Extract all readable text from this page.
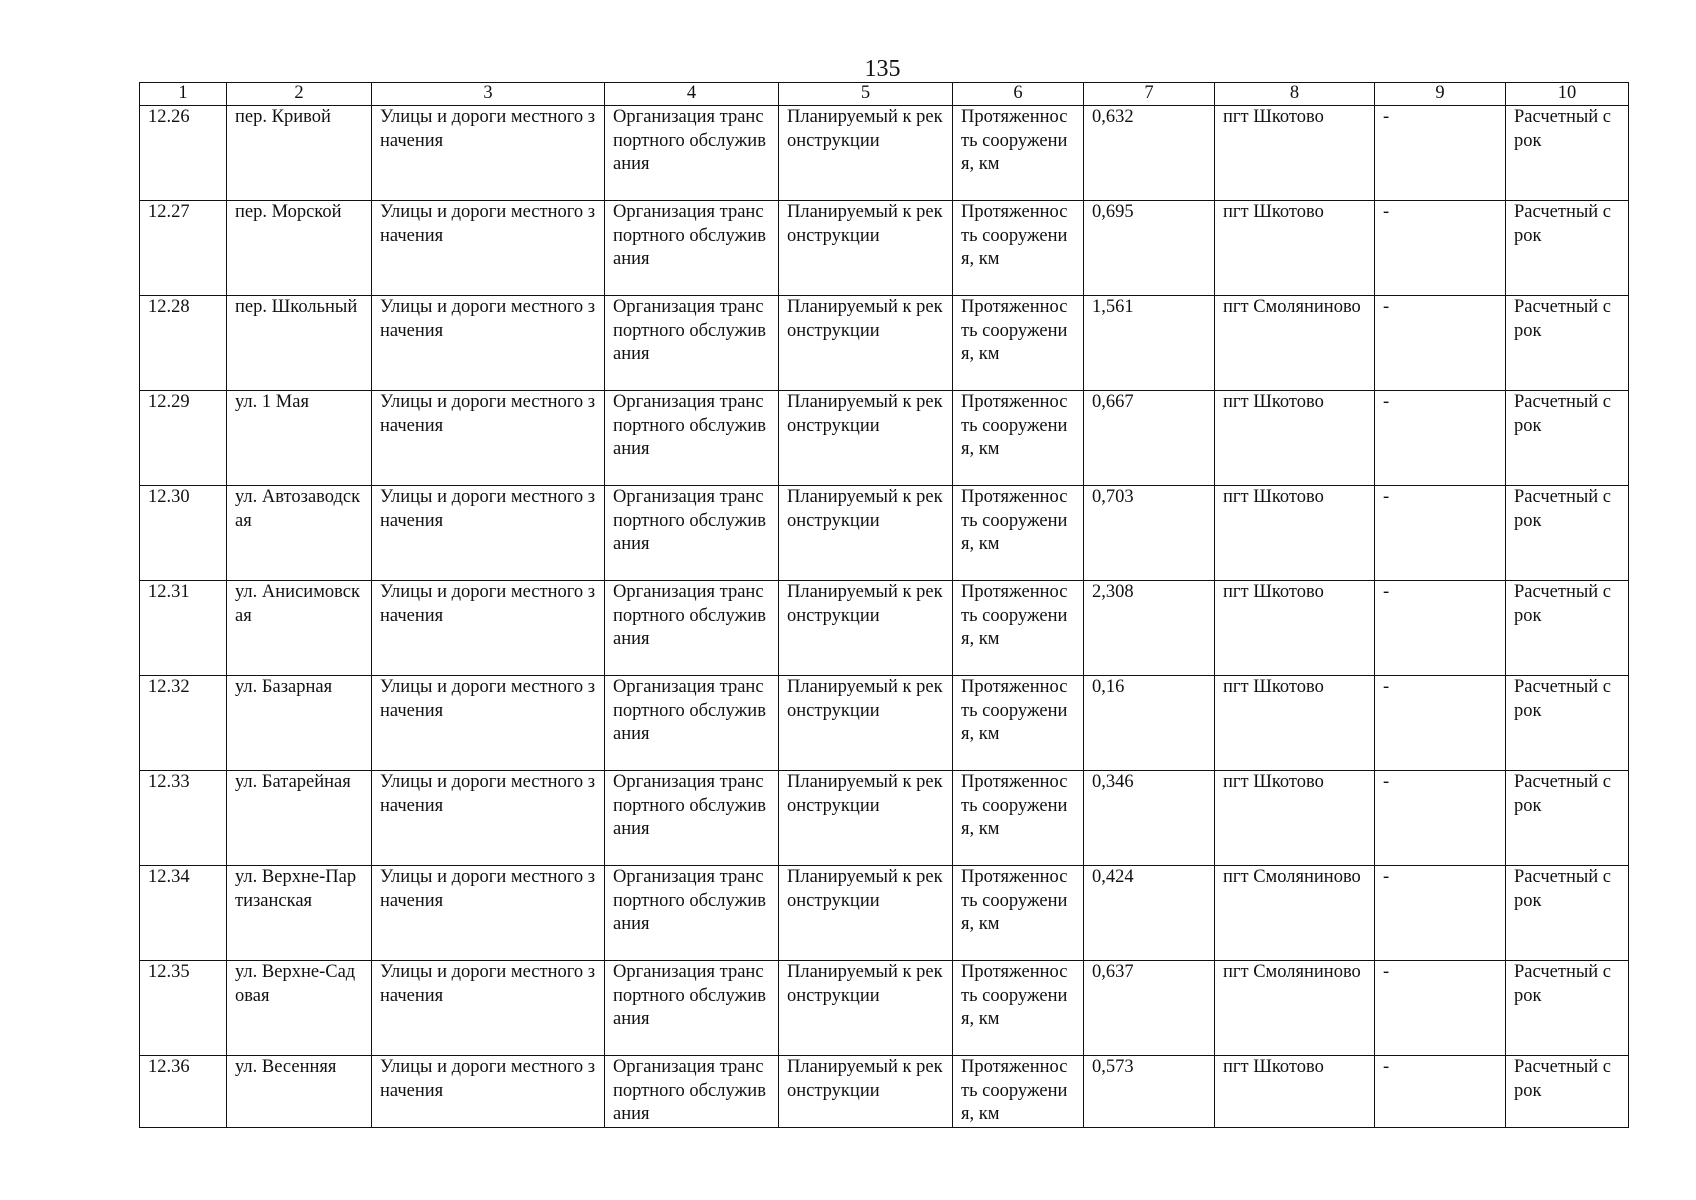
135
1	2	3	4	5	6	7	8	9	10
12.26	пер. Кривой	Улицы и дороги местного значения	Организация транспортного обслуживания	Планируемый к реконструкции	Протяженность сооружения, км	0,632	пгт Шкотово	-	Расчетный срок
12.27	пер. Морской	Улицы и дороги местного значения	Организация транспортного обслуживания	Планируемый к реконструкции	Протяженность сооружения, км	0,695	пгт Шкотово	-	Расчетный срок
12.28	пер. Школьный	Улицы и дороги местного значения	Организация транспортного обслуживания	Планируемый к реконструкции	Протяженность сооружения, км	1,561	пгт Смоляниново	-	Расчетный срок
12.29	ул. 1 Мая	Улицы и дороги местного значения	Организация транспортного обслуживания	Планируемый к реконструкции	Протяженность сооружения, км	0,667	пгт Шкотово	-	Расчетный срок
12.30	ул. Автозаводская	Улицы и дороги местного значения	Организация транспортного обслуживания	Планируемый к реконструкции	Протяженность сооружения, км	0,703	пгт Шкотово	-	Расчетный срок
12.31	ул. Анисимовская	Улицы и дороги местного значения	Организация транспортного обслуживания	Планируемый к реконструкции	Протяженность сооружения, км	2,308	пгт Шкотово	-	Расчетный срок
12.32	ул. Базарная	Улицы и дороги местного значения	Организация транспортного обслуживания	Планируемый к реконструкции	Протяженность сооружения, км	0,16	пгт Шкотово	-	Расчетный срок
12.33	ул. Батарейная	Улицы и дороги местного значения	Организация транспортного обслуживания	Планируемый к реконструкции	Протяженность сооружения, км	0,346	пгт Шкотово	-	Расчетный срок
12.34	ул. Верхне-Партизанская	Улицы и дороги местного значения	Организация транспортного обслуживания	Планируемый к реконструкции	Протяженность сооружения, км	0,424	пгт Смоляниново	-	Расчетный срок
12.35	ул. Верхне-Садовая	Улицы и дороги местного значения	Организация транспортного обслуживания	Планируемый к реконструкции	Протяженность сооружения, км	0,637	пгт Смоляниново	-	Расчетный срок
12.36	ул. Весенняя	Улицы и дороги местного значения	Организация транспортного обслуживания	Планируемый к реконструкции	Протяженность сооружения, км	0,573	пгт Шкотово	-	Расчетный срок
